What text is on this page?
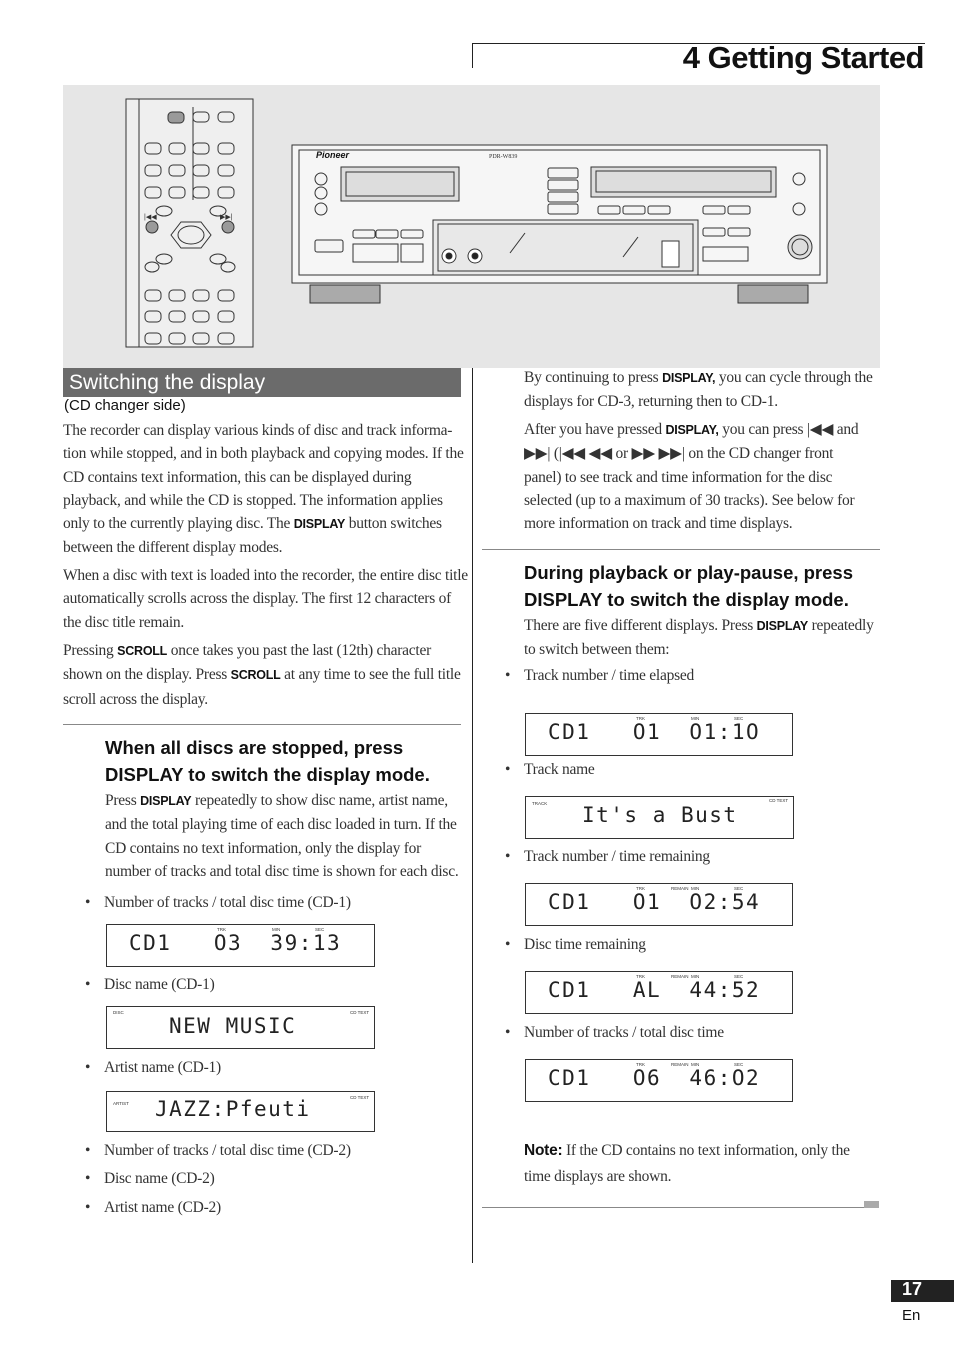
4 Getting Started
|◀◀	▶▶|
Pioneer	PDR-W839
Switching the display
(CD changer side)
The recorder can display various kinds of disc and track informa-
tion while stopped, and in both playback and copying modes. If the
CD contains text information, this can be displayed during
playback, and while the CD is stopped. The information applies
only to the currently playing disc. The DISPLAY button switches
between the different display modes.
When a disc with text is loaded into the recorder, the entire disc title
automatically scrolls across the display. The first 12 characters of
the disc title remain.
Pressing SCROLL once takes you past the last (12th) character
shown on the display. Press SCROLL at any time to see the full title
scroll across the display.
When all discs are stopped, press
DISPLAY to switch the display mode.
Press DISPLAY repeatedly to show disc name, artist name,
and the total playing time of each disc loaded in turn. If the
CD contains no text information, only the display for
number of tracks and total disc time is shown for each disc.
• Number of tracks / total disc time (CD-1)
TRK	MIN	SEC
CD1   O3  39:13
• Disc name (CD-1)
DISC	CD TEXT
NEW MUSIC
• Artist name (CD-1)
ARTIST
CD TEXT
JAZZ:Pfeuti
• Number of tracks / total disc time (CD-2)
• Disc name (CD-2)
• Artist name (CD-2)
By continuing to press DISPLAY, you can cycle through the
displays for CD-3, returning then to CD-1.
After you have pressed DISPLAY, you can press |◀◀ and
▶▶| (|◀◀ ◀◀ or ▶▶ ▶▶| on the CD changer front
panel) to see track and time information for the disc
selected (up to a maximum of 30 tracks). See below for
more information on track and time displays.
During playback or play-pause, press
DISPLAY to switch the display mode.
There are five different displays. Press DISPLAY repeatedly
to switch between them:
• Track number / time elapsed
TRK	MIN	SEC
CD1   O1  O1:1O
• Track name
TRACK
CD TEXT
It's a Bust
• Track number / time remaining
TRK	REMAIN MIN	SEC
CD1   O1  O2:54
• Disc time remaining
TRK	REMAIN MIN	SEC
CD1   AL  44:52
• Number of tracks / total disc time
TRK	REMAIN MIN	SEC
CD1   O6  46:O2
Note: If the CD contains no text information, only the
time displays are shown.
17
En
